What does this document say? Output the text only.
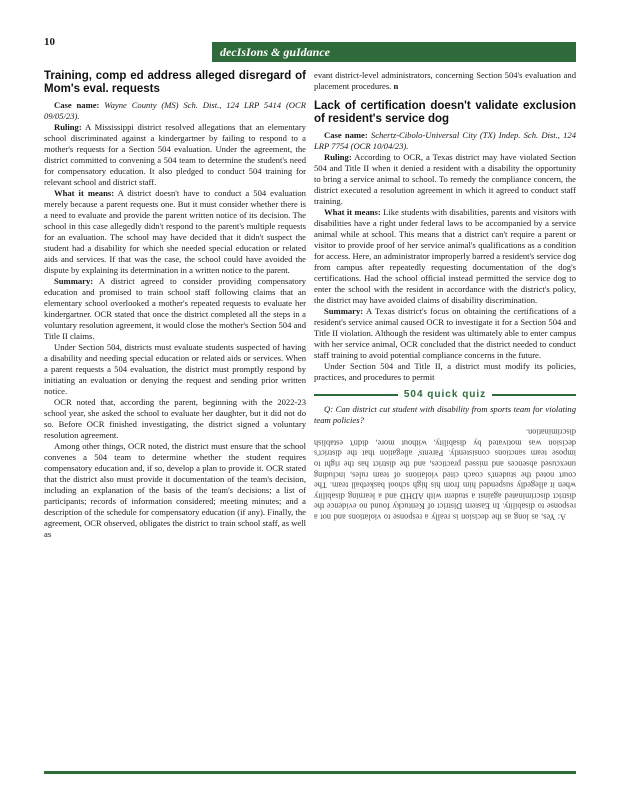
10
decIsIons & guIdance
Training, comp ed address alleged disregard of Mom's eval. requests

Case name: Wayne County (MS) Sch. Dist., 124 LRP 5414 (OCR 09/05/23).

Ruling: A Mississippi district resolved allegations that an elementary school discriminated against a kindergartner by failing to respond to a mother's requests for a Section 504 evaluation. Under the agreement, the district committed to convening a 504 team to determine the student's need for compensatory education. It also pledged to conduct 504 training for relevant school and district staff.

What it means: A district doesn't have to conduct a 504 evaluation merely because a parent requests one. But it must consider whether there is a need to evaluate and provide the parent written notice of its decision. The school in this case allegedly didn't respond to the parent's multiple requests for an evaluation. The school may have decided that it didn't suspect the student had a disability for which she needed special education or related aids and services. If that was the case, the school could have avoided the dispute by explaining its determination in a written notice to the parent.

Summary: A district agreed to consider providing compensatory education and promised to train school staff following claims that an elementary school overlooked a mother's repeated requests to evaluate her kindergartner. OCR stated that once the district completed all the steps in a voluntary resolution agreement, it would close the mother's Section 504 and Title II claims.

Under Section 504, districts must evaluate students suspected of having a disability and needing special education or related aids or services. When a parent requests a 504 evaluation, the district must promptly respond by initiating an evaluation or denying the request and sending prior written notice.

OCR noted that, according the parent, beginning with the 2022-23 school year, she asked the school to evaluate her daughter, but it did not do so. Before OCR finished investigating, the district signed a voluntary resolution agreement.

Among other things, OCR noted, the district must ensure that the school convenes a 504 team to determine whether the student requires compensatory education and, if so, develop a plan to provide it. OCR stated that the district also must provide it documentation of the team's decision, including an explanation of the basis of the team's decisions; a list of participants; records of information considered; meeting minutes; and a description of the schedule for compensatory education (if any). Finally, the agreement, OCR observed, obligates the district to train school staff, as well as

evant district-level administrators, concerning Section 504's evaluation and placement procedures. n

Lack of certification doesn't validate exclusion of resident's service dog

Case name: Schertz-Cibolo-Universal City (TX) Indep. Sch. Dist., 124 LRP 7754 (OCR 10/04/23).

Ruling: According to OCR, a Texas district may have violated Section 504 and Title II when it denied a resident with a disability the opportunity to bring a service animal to school. To remedy the compliance concern, the district executed a resolution agreement in which it agreed to conduct staff training.

What it means: Like students with disabilities, parents and visitors with disabilities have a right under federal laws to be accompanied by a service animal while at school. This means that a district can't require a parent or visitor to provide proof of her service animal's qualifications as a condition for access. Here, an administrator improperly barred a resident's service dog from campus after repeatedly requesting documentation of the dog's certifications. Had the school official instead permitted the service dog to enter the school with the resident in accordance with the district's policy, the district may have avoided claims of disability discrimination.

Summary: A Texas district's focus on obtaining the certifications of a resident's service animal caused OCR to investigate it for a Section 504 and Title II violation. Although the resident was ultimately able to enter campus with her service animal, OCR concluded that the district needed to conduct staff training to avoid potential compliance concerns in the future.

Under Section 504 and Title II, a district must modify its policies, practices, and procedures to permit

504 quick quiz

Q: Can district cut student with disability from sports team for violating team policies?

A: Yes, as long as the decision is really a response to violations and not a response to disability. In Eastern District of Kentucky found no evidence the district discriminated against a student with ADHD and a learning disability when it allegedly suspended him from his high school basketball team. The court noted the student's coach cited violations of team rules, including unexcused absences and missed practices, and the district has the right to impose team sanctions consistently. Parents' allegation that the district's decision was motivated by disability, without more, didn't establish discrimination.
